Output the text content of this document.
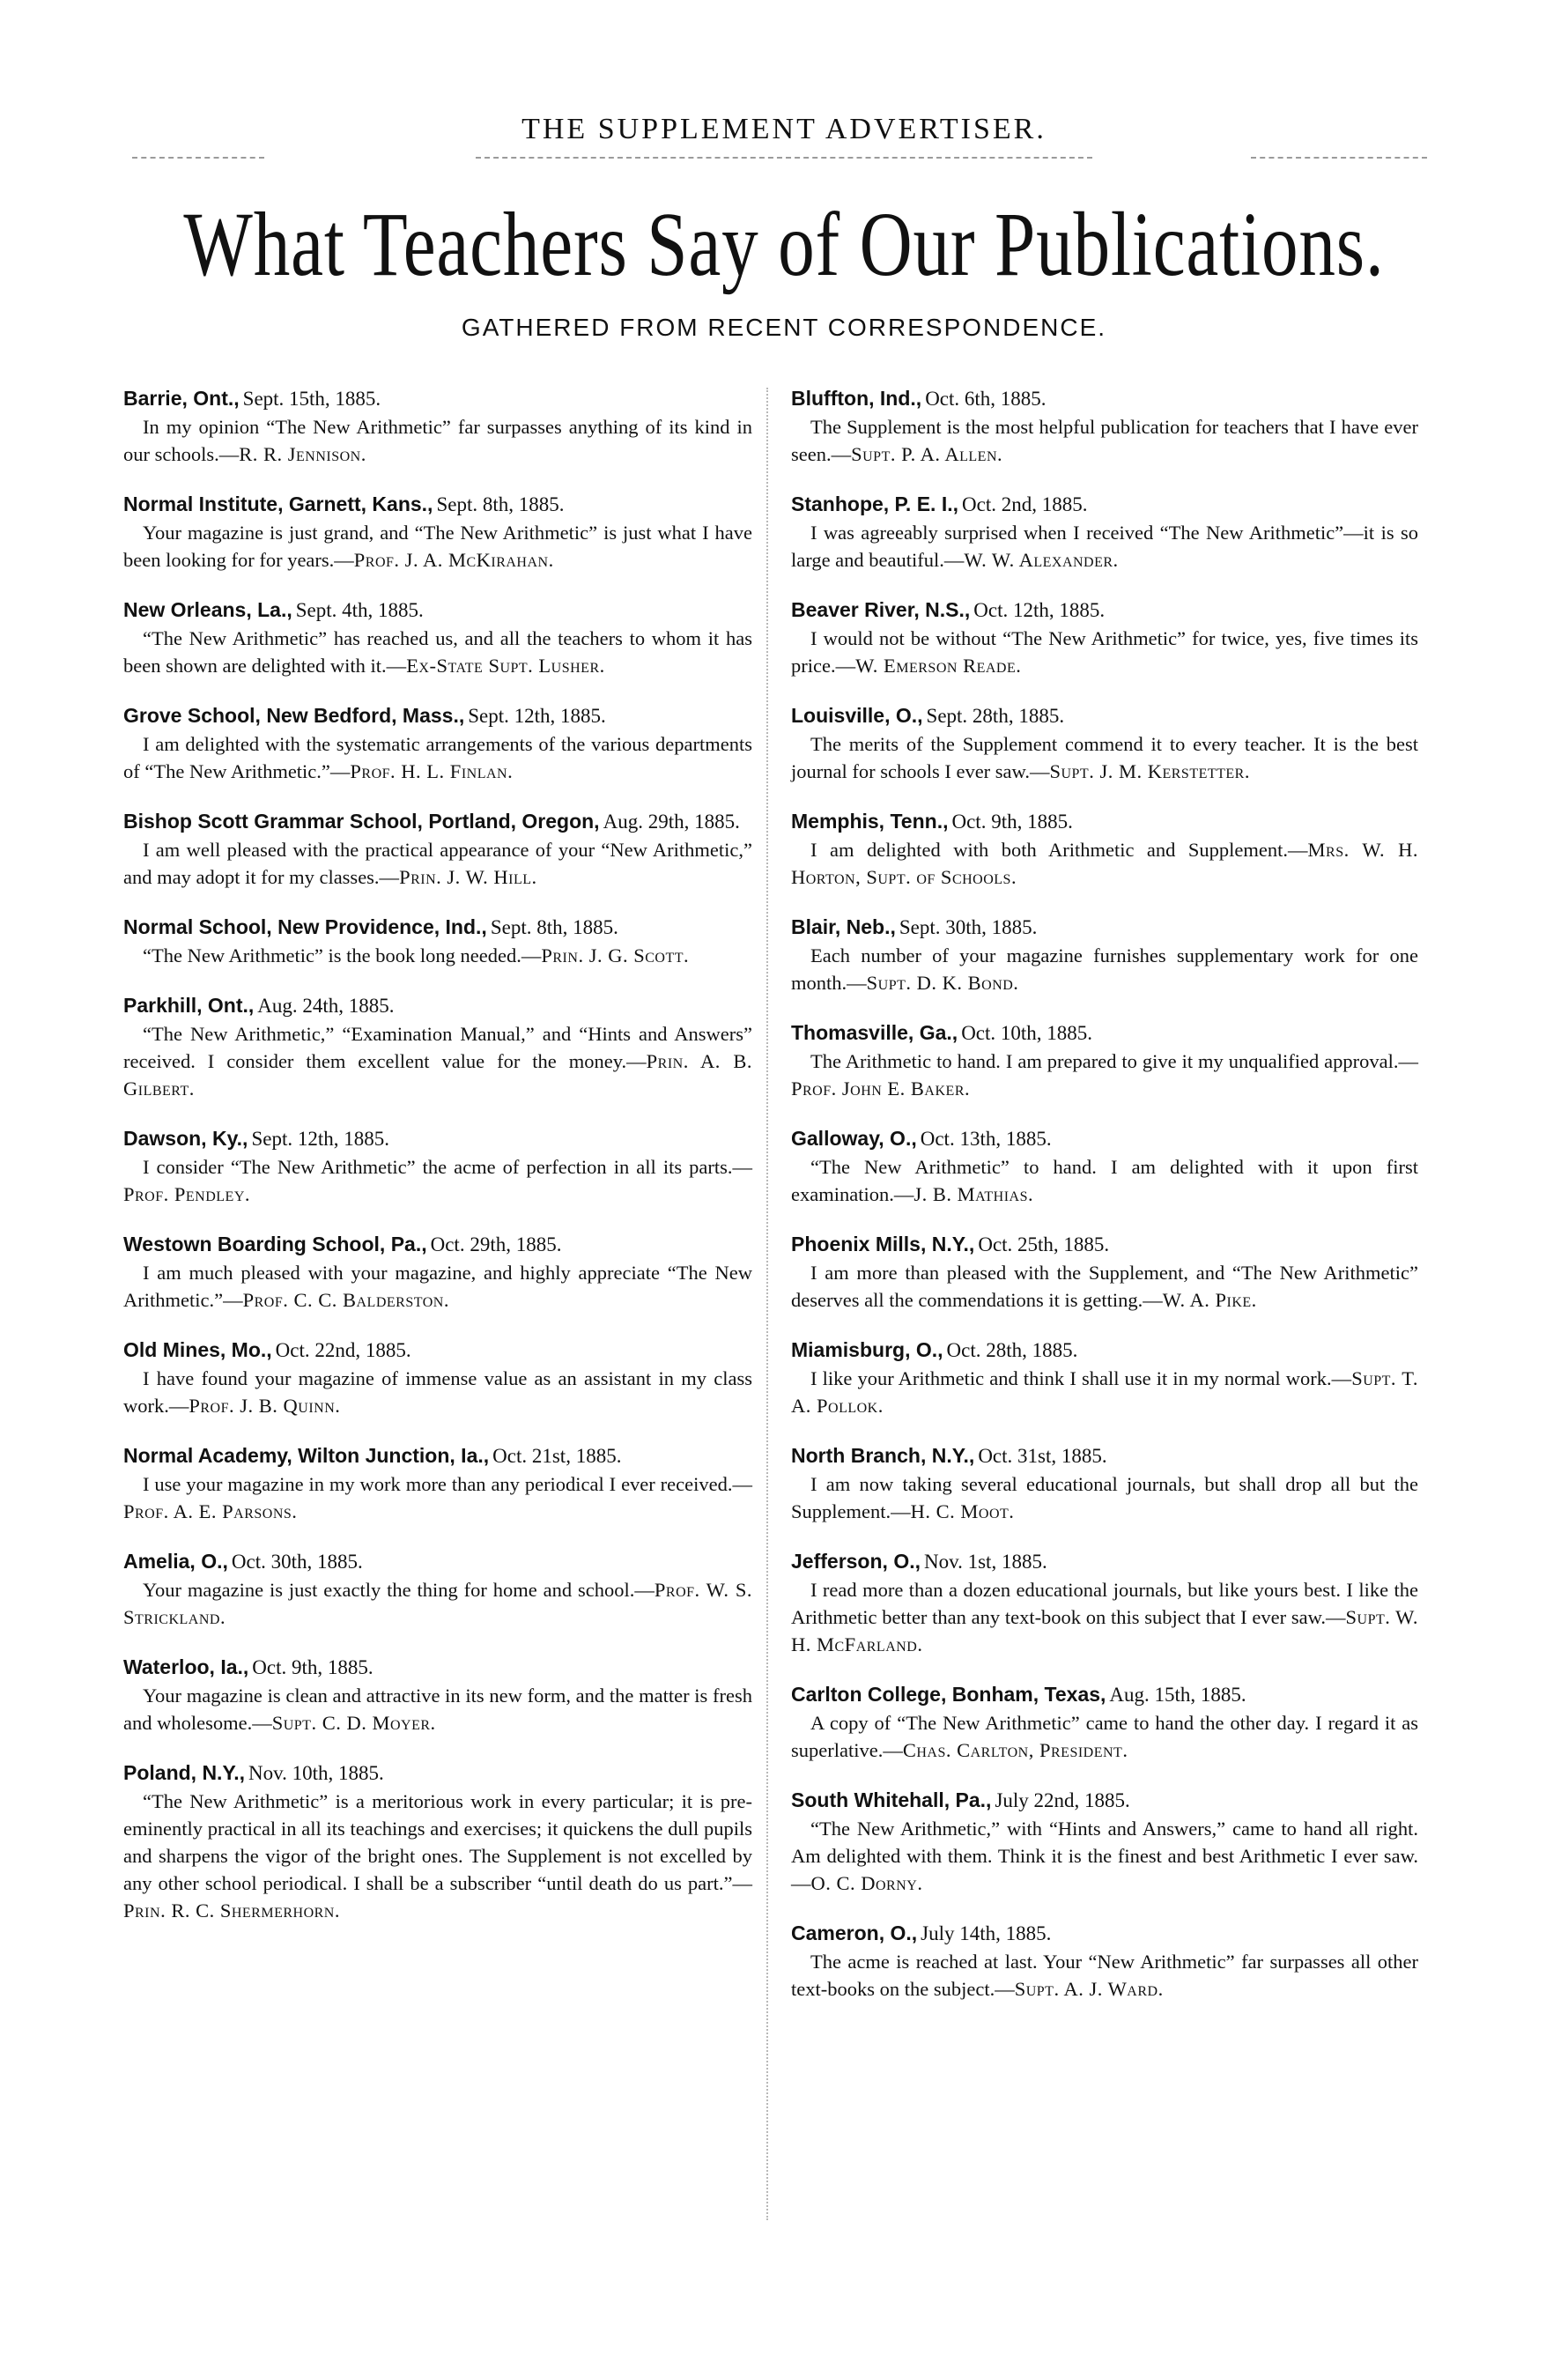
THE SUPPLEMENT ADVERTISER.
What Teachers Say of Our Publications.
GATHERED FROM RECENT CORRESPONDENCE.
Barrie, Ont., Sept. 15th, 1885.

In my opinion “The New Arithmetic” far surpasses anything of its kind in our schools.—R. R. Jennison.

Normal Institute, Garnett, Kans., Sept. 8th, 1885.

Your magazine is just grand, and “The New Arithmetic” is just what I have been looking for for years.—Prof. J. A. McKirahan.

New Orleans, La., Sept. 4th, 1885.

“The New Arithmetic” has reached us, and all the teachers to whom it has been shown are delighted with it.—Ex-State Supt. Lusher.

Grove School, New Bedford, Mass., Sept. 12th, 1885.

I am delighted with the systematic arrangements of the various departments of “The New Arithmetic.”—Prof. H. L. Finlan.

Bishop Scott Grammar School, Portland, Oregon, Aug. 29th, 1885.

I am well pleased with the practical appearance of your “New Arithmetic,” and may adopt it for my classes.—Prin. J. W. Hill.

Normal School, New Providence, Ind., Sept. 8th, 1885.

“The New Arithmetic” is the book long needed.—Prin. J. G. Scott.

Parkhill, Ont., Aug. 24th, 1885.

“The New Arithmetic,” “Examination Manual,” and “Hints and Answers” received. I consider them excellent value for the money.—Prin. A. B. Gilbert.

Dawson, Ky., Sept. 12th, 1885.

I consider “The New Arithmetic” the acme of perfection in all its parts.—Prof. Pendley.

Westown Boarding School, Pa., Oct. 29th, 1885.

I am much pleased with your magazine, and highly appreciate “The New Arithmetic.”—Prof. C. C. Balderston.

Old Mines, Mo., Oct. 22nd, 1885.

I have found your magazine of immense value as an assistant in my class work.—Prof. J. B. Quinn.

Normal Academy, Wilton Junction, Ia., Oct. 21st, 1885.

I use your magazine in my work more than any periodical I ever received.—Prof. A. E. Parsons.

Amelia, O., Oct. 30th, 1885.

Your magazine is just exactly the thing for home and school.—Prof. W. S. Strickland.

Waterloo, Ia., Oct. 9th, 1885.

Your magazine is clean and attractive in its new form, and the matter is fresh and wholesome.—Supt. C. D. Moyer.

Poland, N.Y., Nov. 10th, 1885.

“The New Arithmetic” is a meritorious work in every particular; it is pre-eminently practical in all its teachings and exercises; it quickens the dull pupils and sharpens the vigor of the bright ones. The Supplement is not excelled by any other school periodical. I shall be a subscriber “until death do us part.”—Prin. R. C. Shermerhorn.

Bluffton, Ind., Oct. 6th, 1885.

The Supplement is the most helpful publication for teachers that I have ever seen.—Supt. P. A. Allen.

Stanhope, P. E. I., Oct. 2nd, 1885.

I was agreeably surprised when I received “The New Arithmetic”—it is so large and beautiful.—W. W. Alexander.

Beaver River, N.S., Oct. 12th, 1885.

I would not be without “The New Arithmetic” for twice, yes, five times its price.—W. Emerson Reade.

Louisville, O., Sept. 28th, 1885.

The merits of the Supplement commend it to every teacher. It is the best journal for schools I ever saw.—Supt. J. M. Kerstetter.

Memphis, Tenn., Oct. 9th, 1885.

I am delighted with both Arithmetic and Supplement.—Mrs. W. H. Horton, Supt. of Schools.

Blair, Neb., Sept. 30th, 1885.

Each number of your magazine furnishes supplementary work for one month.—Supt. D. K. Bond.

Thomasville, Ga., Oct. 10th, 1885.

The Arithmetic to hand. I am prepared to give it my unqualified approval.—Prof. John E. Baker.

Galloway, O., Oct. 13th, 1885.

“The New Arithmetic” to hand. I am delighted with it upon first examination.—J. B. Mathias.

Phoenix Mills, N.Y., Oct. 25th, 1885.

I am more than pleased with the Supplement, and “The New Arithmetic” deserves all the commendations it is getting.—W. A. Pike.

Miamisburg, O., Oct. 28th, 1885.

I like your Arithmetic and think I shall use it in my normal work.—Supt. T. A. Pollok.

North Branch, N.Y., Oct. 31st, 1885.

I am now taking several educational journals, but shall drop all but the Supplement.—H. C. Moot.

Jefferson, O., Nov. 1st, 1885.

I read more than a dozen educational journals, but like yours best. I like the Arithmetic better than any text-book on this subject that I ever saw.—Supt. W. H. McFarland.

Carlton College, Bonham, Texas, Aug. 15th, 1885.

A copy of “The New Arithmetic” came to hand the other day. I regard it as superlative.—Chas. Carlton, President.

South Whitehall, Pa., July 22nd, 1885.

“The New Arithmetic,” with “Hints and Answers,” came to hand all right. Am delighted with them. Think it is the finest and best Arithmetic I ever saw.—O. C. Dorny.

Cameron, O., July 14th, 1885.

The acme is reached at last. Your “New Arithmetic” far surpasses all other text-books on the subject.—Supt. A. J. Ward.
